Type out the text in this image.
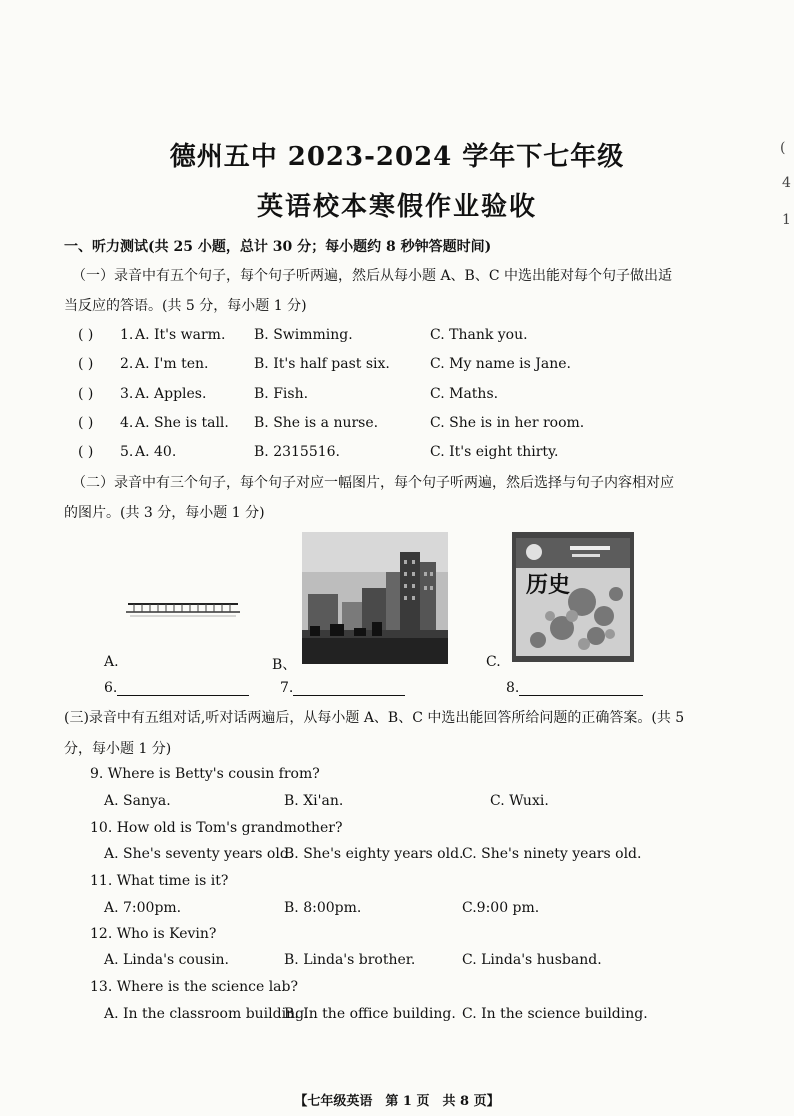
德州五中 2023-2024 学年下七年级
英语校本寒假作业验收
(
4
1
一、听力测试(共 25 小题，总计 30 分；每小题约 8 秒钟答题时间)
（一）录音中有五个句子，每个句子听两遍，然后从每小题 A、B、C 中选出能对每个句子做出适
当反应的答语。(共 5 分，每小题 1 分)
( ) 1. A. It's warm. B. Swimming.	C. Thank you.
( ) 2. A. I'm ten.	B. It's half past six.	C. My name is Jane.
( ) 3. A. Apples.	B. Fish.	C. Maths.
( ) 4. A. She is tall. B. She is a nurse.	C. She is in her room.
( ) 5. A. 40.	B. 2315516.	C. It's eight thirty.
（二）录音中有三个句子，每个句子对应一幅图片，每个句子听两遍，然后选择与句子内容相对应
的图片。(共 3 分，每小题 1 分)
历史
A.	B、	C.
6.	7.	8.
(三)录音中有五组对话,听对话两遍后，从每小题 A、B、C 中选出能回答所给问题的正确答案。(共 5
分，每小题 1 分)
9. Where is Betty's cousin from?
A. Sanya.	B. Xi'an.	C. Wuxi.
10. How old is Tom's grandmother?
A. She's seventy years old.
B. She's eighty years old.
C. She's ninety years old.
11. What time is it?
A. 7:00pm.	B. 8:00pm.	C.9:00 pm.
12. Who is Kevin?
A. Linda's cousin.	B. Linda's brother.	C. Linda's husband.
13. Where is the science lab?
A. In the classroom building.
B. In the office building. C. In the science building.
【七年级英语　第 1 页　共 8 页】
